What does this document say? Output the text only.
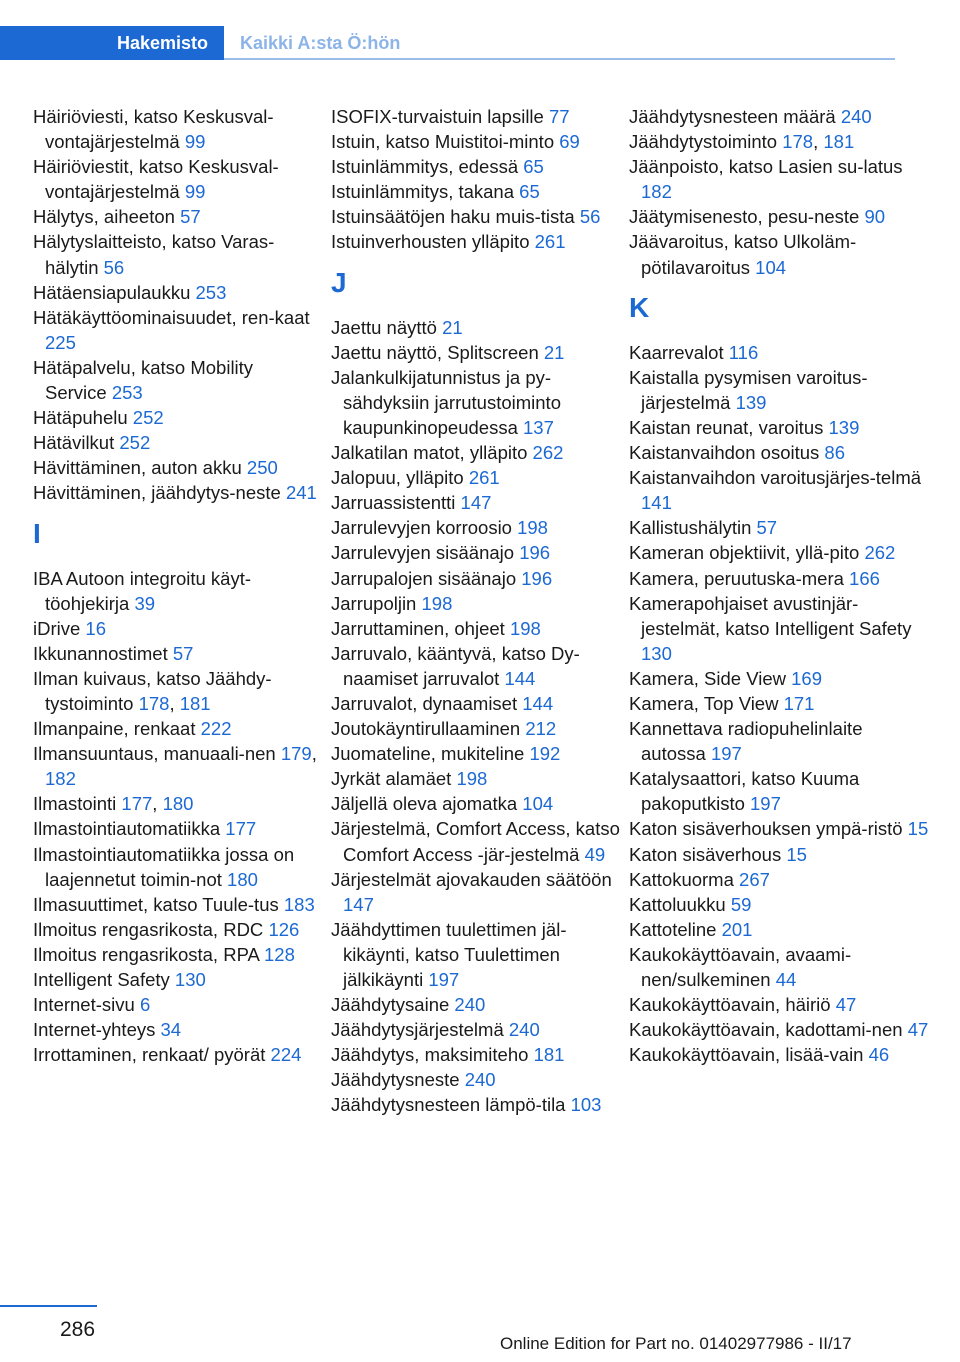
Hakemisto	Kaikki A:sta Ö:hön
Häiriöviesti, katso Keskusval-vontajärjestelmä 99
Häiriöviestit, katso Keskusval-vontajärjestelmä 99
Hälytys, aiheeton 57
Hälytyslaitteisto, katso Varas-hälytin 56
Hätäensiapulaukku 253
Hätäkäyttöominaisuudet, ren-kaat 225
Hätäpalvelu, katso Mobility Service 253
Hätäpuhelu 252
Hätävilkut 252
Hävittäminen, auton akku 250
Hävittäminen, jäähdytys-neste 241
I
IBA Autoon integroitu käyt-töohjekirja 39
iDrive 16
Ikkunannostimet 57
Ilman kuivaus, katso Jäähdy-tystoiminto 178, 181
Ilmanpaine, renkaat 222
Ilmansuuntaus, manuaali-nen 179, 182
Ilmastointi 177, 180
Ilmastointiautomatiikka 177
Ilmastointiautomatiikka jossa on laajennetut toimin-not 180
Ilmasuuttimet, katso Tuule-tus 183
Ilmoitus rengasrikosta, RDC 126
Ilmoitus rengasrikosta, RPA 128
Intelligent Safety 130
Internet-sivu 6
Internet-yhteys 34
Irrottaminen, renkaat/ pyörät 224
ISOFIX-turvaistuin lapsille 77
Istuin, katso Muistitoi-minto 69
Istuinlämmitys, edessä 65
Istuinlämmitys, takana 65
Istuinsäätöjen haku muis-tista 56
Istuinverhousten ylläpito 261
J
Jaettu näyttö 21
Jaettu näyttö, Splitscreen 21
Jalankulkijatunnistus ja py-sähdyksiin jarrutustoiminto kaupunkinopeudessa 137
Jalkatilan matot, ylläpito 262
Jalopuu, ylläpito 261
Jarruassistentti 147
Jarrulevyjen korroosio 198
Jarrulevyjen sisäänajo 196
Jarrupalojen sisäänajo 196
Jarrupoljin 198
Jarruttaminen, ohjeet 198
Jarruvalo, kääntyvä, katso Dy-naamiset jarruvalot 144
Jarruvalot, dynaamiset 144
Joutokäyntirullaaminen 212
Juomateline, mukiteline 192
Jyrkät alamäet 198
Jäljellä oleva ajomatka 104
Järjestelmä, Comfort Access, katso Comfort Access -jär-jestelmä 49
Järjestelmät ajovakauden säätöön 147
Jäähdyttimen tuulettimen jäl-kikäynti, katso Tuulettimen jälkikäynti 197
Jäähdytysaine 240
Jäähdytysjärjestelmä 240
Jäähdytys, maksimiteho 181
Jäähdytysneste 240
Jäähdytysnesteen lämpö-tila 103
Jäähdytysnesteen määrä 240
Jäähdytystoiminto 178, 181
Jäänpoisto, katso Lasien su-latus 182
Jäätymisenesto, pesu-neste 90
Jäävaroitus, katso Ulkoläm-pötilavaroitus 104
K
Kaarrevalot 116
Kaistalla pysymisen varoitus-järjestelmä 139
Kaistan reunat, varoitus 139
Kaistanvaihdon osoitus 86
Kaistanvaihdon varoitusjärjes-telmä 141
Kallistushälytin 57
Kameran objektiivit, yllä-pito 262
Kamera, peruutuska-mera 166
Kamerapohjaiset avustinjär-jestelmät, katso Intelligent Safety 130
Kamera, Side View 169
Kamera, Top View 171
Kannettava radiopuhelinlaite autossa 197
Katalysaattori, katso Kuuma pakoputkisto 197
Katon sisäverhouksen ympä-ristö 15
Katon sisäverhous 15
Kattokuorma 267
Kattoluukku 59
Kattoteline 201
Kaukokäyttöavain, avaami-nen/sulkeminen 44
Kaukokäyttöavain, häiriö 47
Kaukokäyttöavain, kadottami-nen 47
Kaukokäyttöavain, lisää-vain 46
286
Online Edition for Part no. 01402977986 - II/17
